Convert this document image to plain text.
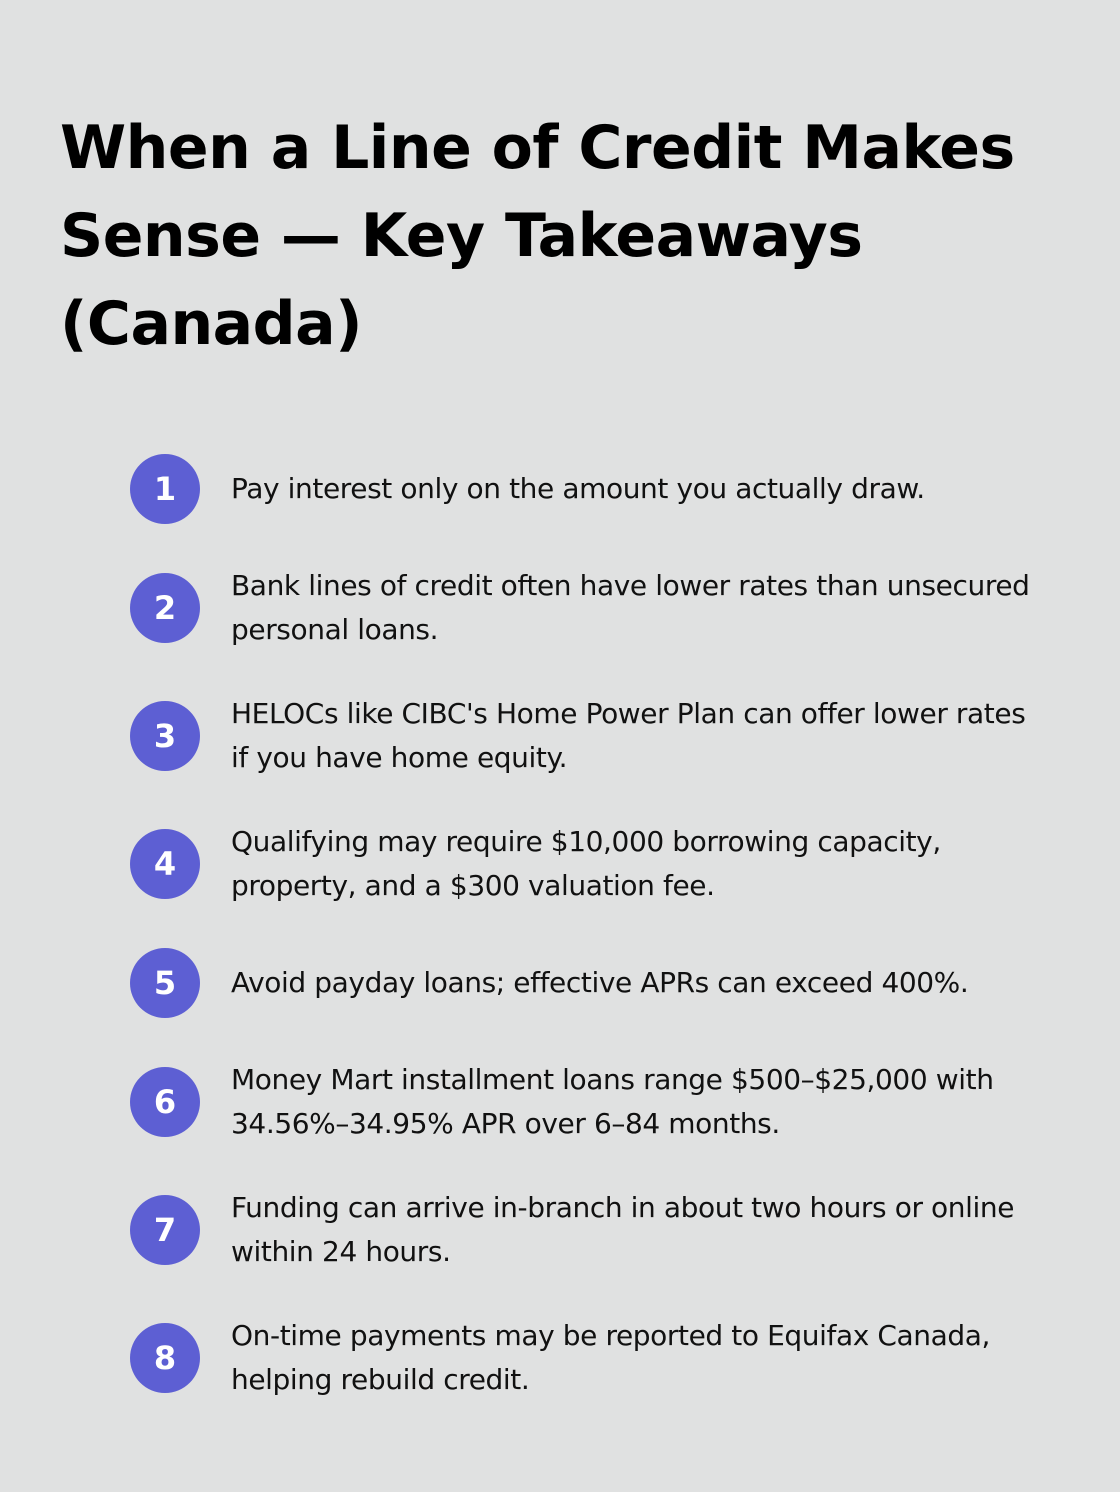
When a Line of Credit Makes Sense — Key Takeaways (Canada)
1	Pay interest only on the amount you actually draw.
2
Bank lines of credit often have lower rates than unsecured personal loans.
3
HELOCs like CIBC's Home Power Plan can offer lower rates if you have home equity.
4
Qualifying may require $10,000 borrowing capacity, property, and a $300 valuation fee.
5	Avoid payday loans; effective APRs can exceed 400%.
6
Money Mart installment loans range $500–$25,000 with 34.56%–34.95% APR over 6–84 months.
7
Funding can arrive in-branch in about two hours or online within 24 hours.
8
On-time payments may be reported to Equifax Canada, helping rebuild credit.
